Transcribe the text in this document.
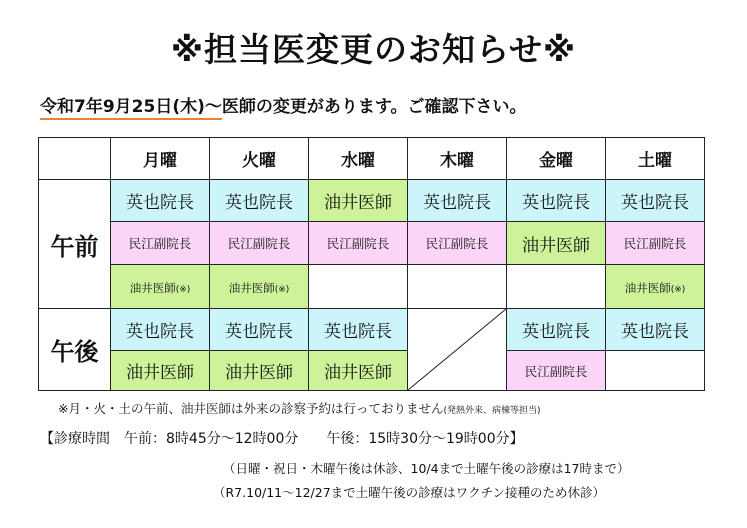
※担当医変更のお知らせ※
令和7年9月25日(木)～医師の変更があります。ご確認下さい。
	月曜	火曜	水曜	木曜	金曜	土曜
午前	英也院長	英也院長	油井医師	英也院長	英也院長	英也院長
	民江副院長	民江副院長	民江副院長	民江副院長	油井医師	民江副院長
	油井医師(※)	油井医師(※)				油井医師(※)
午後	英也院長	英也院長	英也院長		英也院長	英也院長
	油井医師	油井医師	油井医師		民江副院長	
※月・火・土の午前、油井医師は外来の診察予約は行っておりません(発熱外来、病棟等担当)
【診療時間　午前：8時45分～12時00分　　午後：15時30分～19時00分】
（日曜・祝日・木曜午後は休診、10/4まで土曜午後の診療は17時まで）
（R7.10/11～12/27まで土曜午後の診療はワクチン接種のため休診）
